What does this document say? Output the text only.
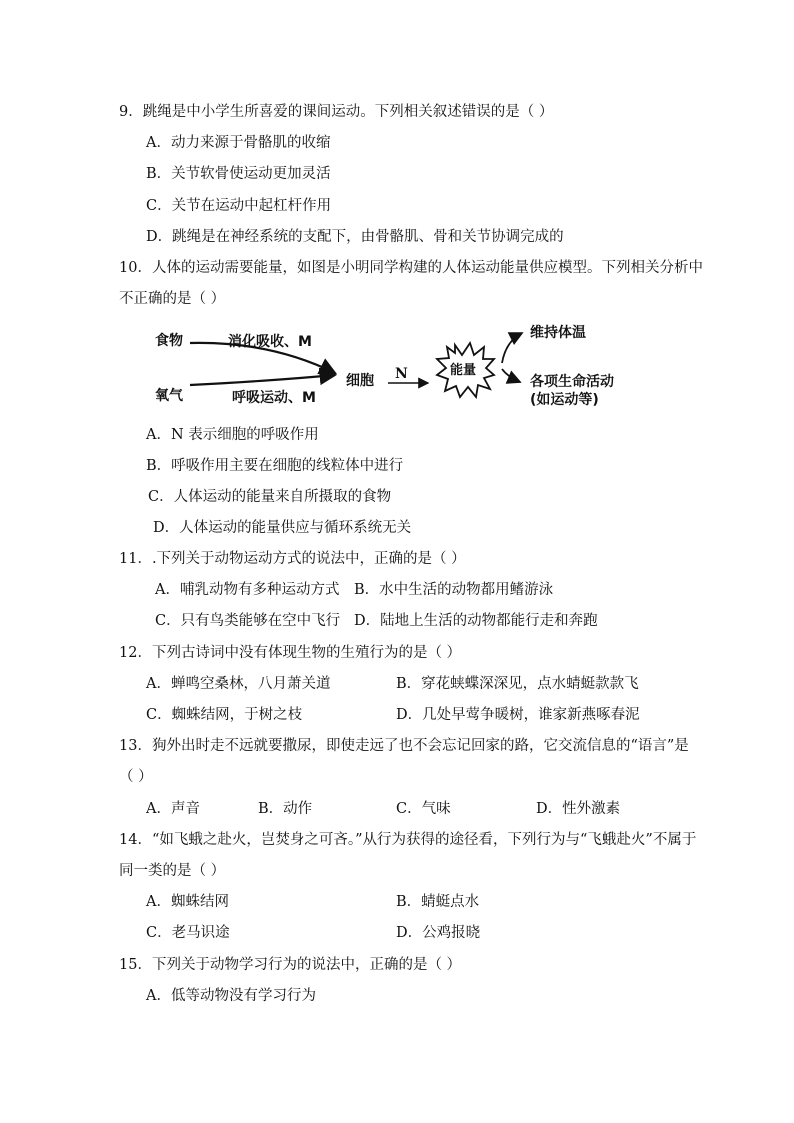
9．跳绳是中小学生所喜爱的课间运动。下列相关叙述错误的是（ ）
A．动力来源于骨骼肌的收缩
B．关节软骨使运动更加灵活
C．关节在运动中起杠杆作用
D．跳绳是在神经系统的支配下，由骨骼肌、骨和关节协调完成的
10．人体的运动需要能量，如图是小明同学构建的人体运动能量供应模型。下列相关分析中
不正确的是（ ）
食物	消化吸收、M
氧气	呼吸运动、M
细胞 N	能量
维持体温
各项生命活动
(如运动等)
A．N 表示细胞的呼吸作用
B．呼吸作用主要在细胞的线粒体中进行
C．人体运动的能量来自所摄取的食物
D．人体运动的能量供应与循环系统无关
11．.下列关于动物运动方式的说法中，正确的是（ ）
A．哺乳动物有多种运动方式 B．水中生活的动物都用鳍游泳
C．只有鸟类能够在空中飞行 D．陆地上生活的动物都能行走和奔跑
12．下列古诗词中没有体现生物的生殖行为的是（ ）
A．蝉鸣空桑林，八月萧关道	B．穿花蛱蝶深深见，点水蜻蜓款款飞
C．蜘蛛结网，于树之枝	D．几处早莺争暖树，谁家新燕啄春泥
13．狗外出时走不远就要撒尿，即使走远了也不会忘记回家的路，它交流信息的“语言”是
（ ）
A．声音	B．动作	C．气味	D．性外激素
14．“如飞蛾之赴火，岂焚身之可吝。”从行为获得的途径看，下列行为与“飞蛾赴火”不属于
同一类的是（ ）
A．蜘蛛结网	B．蜻蜓点水
C．老马识途	D．公鸡报晓
15．下列关于动物学习行为的说法中，正确的是（ ）
A．低等动物没有学习行为
